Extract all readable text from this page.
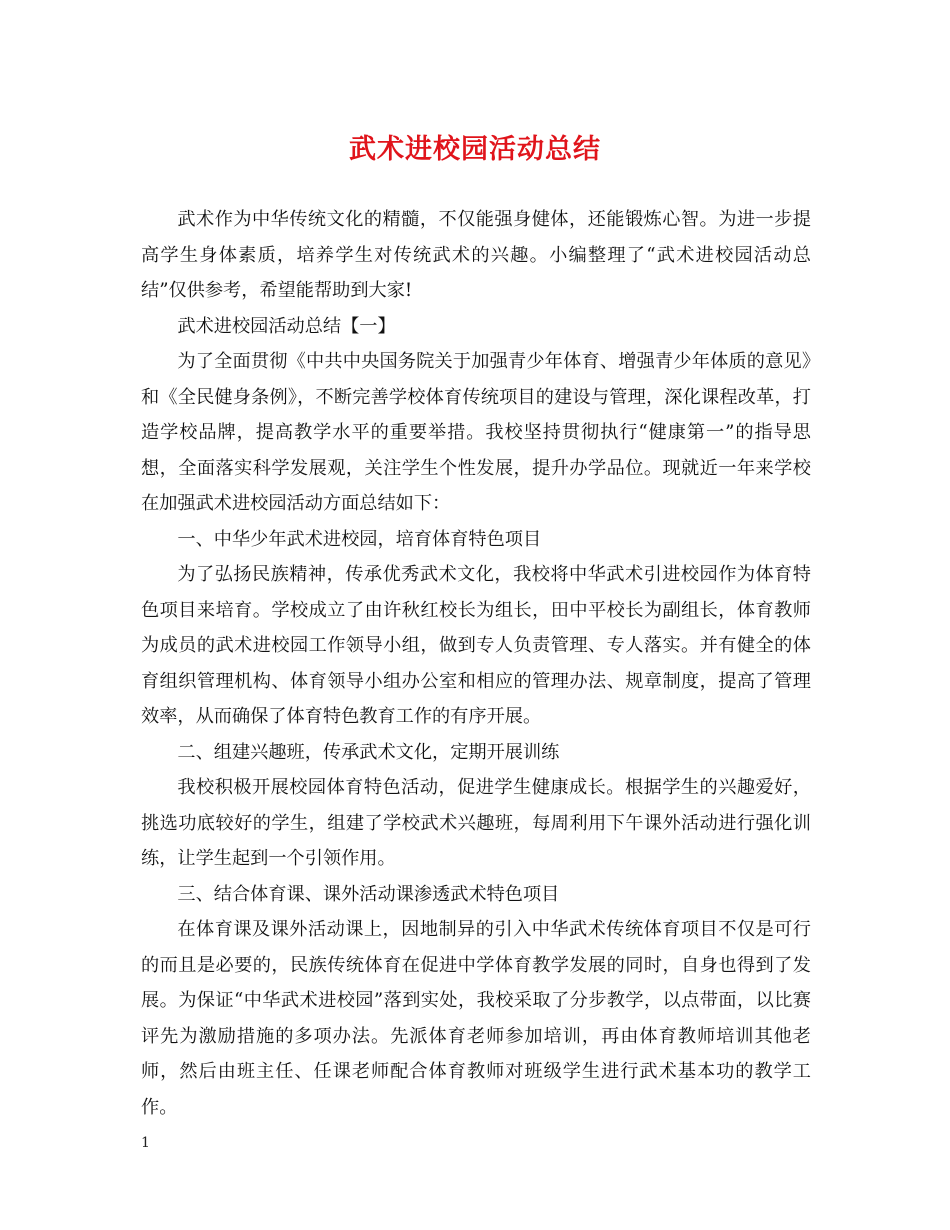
武术进校园活动总结

武术作为中华传统文化的精髓，不仅能强身健体，还能锻炼心智。为进一步提高学生身体素质，培养学生对传统武术的兴趣。小编整理了“武术进校园活动总结”仅供参考，希望能帮助到大家!

武术进校园活动总结【一】

为了全面贯彻《中共中央国务院关于加强青少年体育、增强青少年体质的意见》和《全民健身条例》，不断完善学校体育传统项目的建设与管理，深化课程改革，打造学校品牌，提高教学水平的重要举措。我校坚持贯彻执行“健康第一”的指导思想，全面落实科学发展观，关注学生个性发展，提升办学品位。现就近一年来学校在加强武术进校园活动方面总结如下：

一、中华少年武术进校园，培育体育特色项目

为了弘扬民族精神，传承优秀武术文化，我校将中华武术引进校园作为体育特色项目来培育。学校成立了由许秋红校长为组长，田中平校长为副组长，体育教师为成员的武术进校园工作领导小组，做到专人负责管理、专人落实。并有健全的体育组织管理机构、体育领导小组办公室和相应的管理办法、规章制度，提高了管理效率，从而确保了体育特色教育工作的有序开展。

二、组建兴趣班，传承武术文化，定期开展训练

我校积极开展校园体育特色活动，促进学生健康成长。根据学生的兴趣爱好，挑选功底较好的学生，组建了学校武术兴趣班，每周利用下午课外活动进行强化训练，让学生起到一个引领作用。

三、结合体育课、课外活动课渗透武术特色项目

在体育课及课外活动课上，因地制异的引入中华武术传统体育项目不仅是可行的而且是必要的，民族传统体育在促进中学体育教学发展的同时，自身也得到了发展。为保证“中华武术进校园”落到实处，我校采取了分步教学，以点带面，以比赛评先为激励措施的多项办法。先派体育老师参加培训，再由体育教师培训其他老师，然后由班主任、任课老师配合体育教师对班级学生进行武术基本功的教学工作。

1
